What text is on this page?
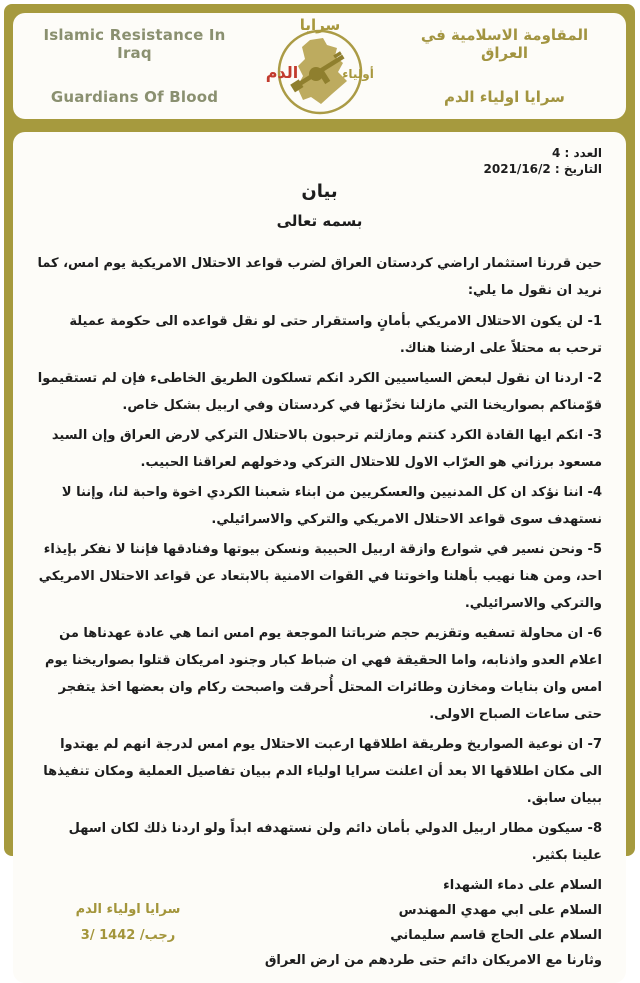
Islamic Resistance In Iraq
Guardians Of Blood
سرايا
أولياء
الدم
المقاومة الاسلامية في العراق
سرايا اولياء الدم
العدد : 4
التاريخ : 2021/16/2
بيان
بسمه تعالى

حين قررنا استثمار اراضي كردستان العراق لضرب قواعد الاحتلال الامريكية يوم امس، كما نريد ان نقول ما يلي:

1- لن يكون الاحتلال الامريكي بأمانٍ واستقرار حتى لو نقل قواعده الى حكومة عميلة ترحب به محتلاً على ارضنا هناك.

2- اردنا ان نقول لبعض السياسيين الكرد انكم تسلكون الطريق الخاطىء فإن لم تستقيموا قوّمناكم بصواريخنا التي مازلنا نخزّنها في كردستان وفي اربيل بشكل خاص.

3- انكم ايها القادة الكرد كنتم ومازلتم ترحبون بالاحتلال التركي لارض العراق وإن السيد مسعود برزاني هو العرّاب الاول للاحتلال التركي ودخولهم لعراقنا الحبيب.

4- اننا نؤكد ان كل المدنيين والعسكريين من ابناء شعبنا الكردي اخوة واحبة لنا، وإننا لا نستهدف سوى قواعد الاحتلال الامريكي والتركي والاسرائيلي.

5- ونحن نسير في شوارع وازقة اربيل الحبيبة ونسكن بيوتها وفنادقها فإننا لا نفكر بإيذاء احد، ومن هنا نهيب بأهلنا واخوتنا في القوات الامنية بالابتعاد عن قواعد الاحتلال الامريكي والتركي والاسرائيلي.

6- ان محاولة تسفيه وتقزيم حجم ضرباتنا الموجعة يوم امس انما هي عادة عهدناها من اعلام العدو واذنابه، واما الحقيقة فهي ان ضباط كبار وجنود امريكان قتلوا بصواريخنا يوم امس وان بنايات ومخازن وطائرات المحتل أُحرقت واصبحت ركام وان بعضها اخذ يتفجر حتى ساعات الصباح الاولى.

7- ان نوعية الصواريخ وطريقة اطلاقها ارعبت الاحتلال يوم امس لدرجة انهم لم يهتدوا الى مكان اطلاقها الا بعد أن اعلنت سرايا اولياء الدم ببيان تفاصيل العملية ومكان تنفيذها ببيان سابق.

8- سيكون مطار اربيل الدولي بأمان دائم ولن نستهدفه ابداً ولو اردنا ذلك لكان اسهل علينا بكثير.

السلام على دماء الشهداء
السلام على ابي مهدي المهندس
السلام على الحاج قاسم سليماني
وثارنا مع الامريكان دائم حتى طردهم من ارض العراق
سرايا اولياء الدم
3/ رجب/ 1442
